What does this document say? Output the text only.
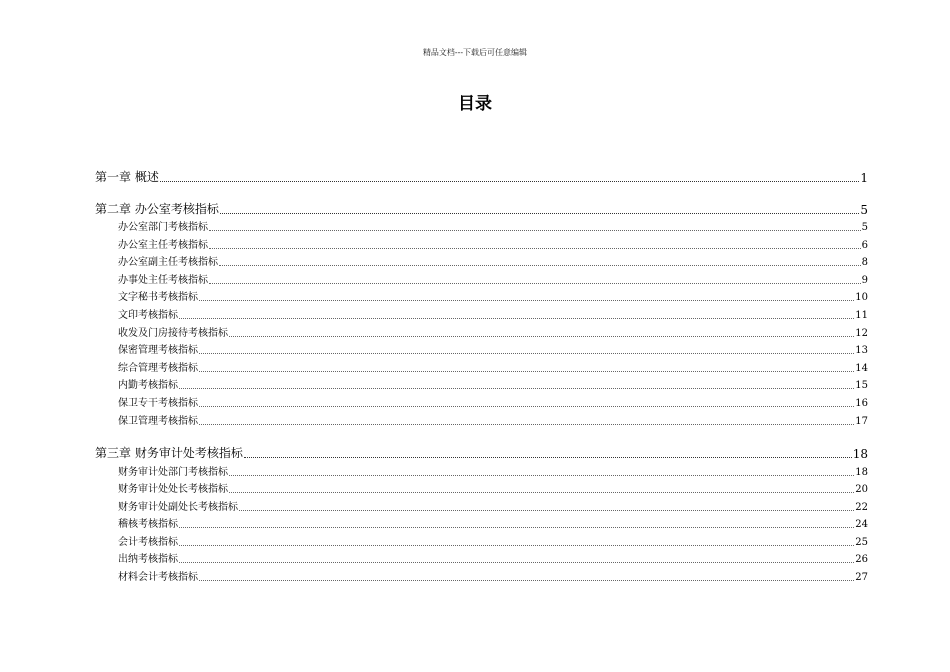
精品文档---下载后可任意编辑
目录
第一章 概述	1
第二章 办公室考核指标	5
办公室部门考核指标	5
办公室主任考核指标	6
办公室副主任考核指标	8
办事处主任考核指标	9
文字秘书考核指标	10
文印考核指标	11
收发及门房接待考核指标	12
保密管理考核指标	13
综合管理考核指标	14
内勤考核指标	15
保卫专干考核指标	16
保卫管理考核指标	17
第三章 财务审计处考核指标	18
财务审计处部门考核指标	18
财务审计处处长考核指标	20
财务审计处副处长考核指标	22
稽核考核指标	24
会计考核指标	25
出纳考核指标	26
材料会计考核指标	27
